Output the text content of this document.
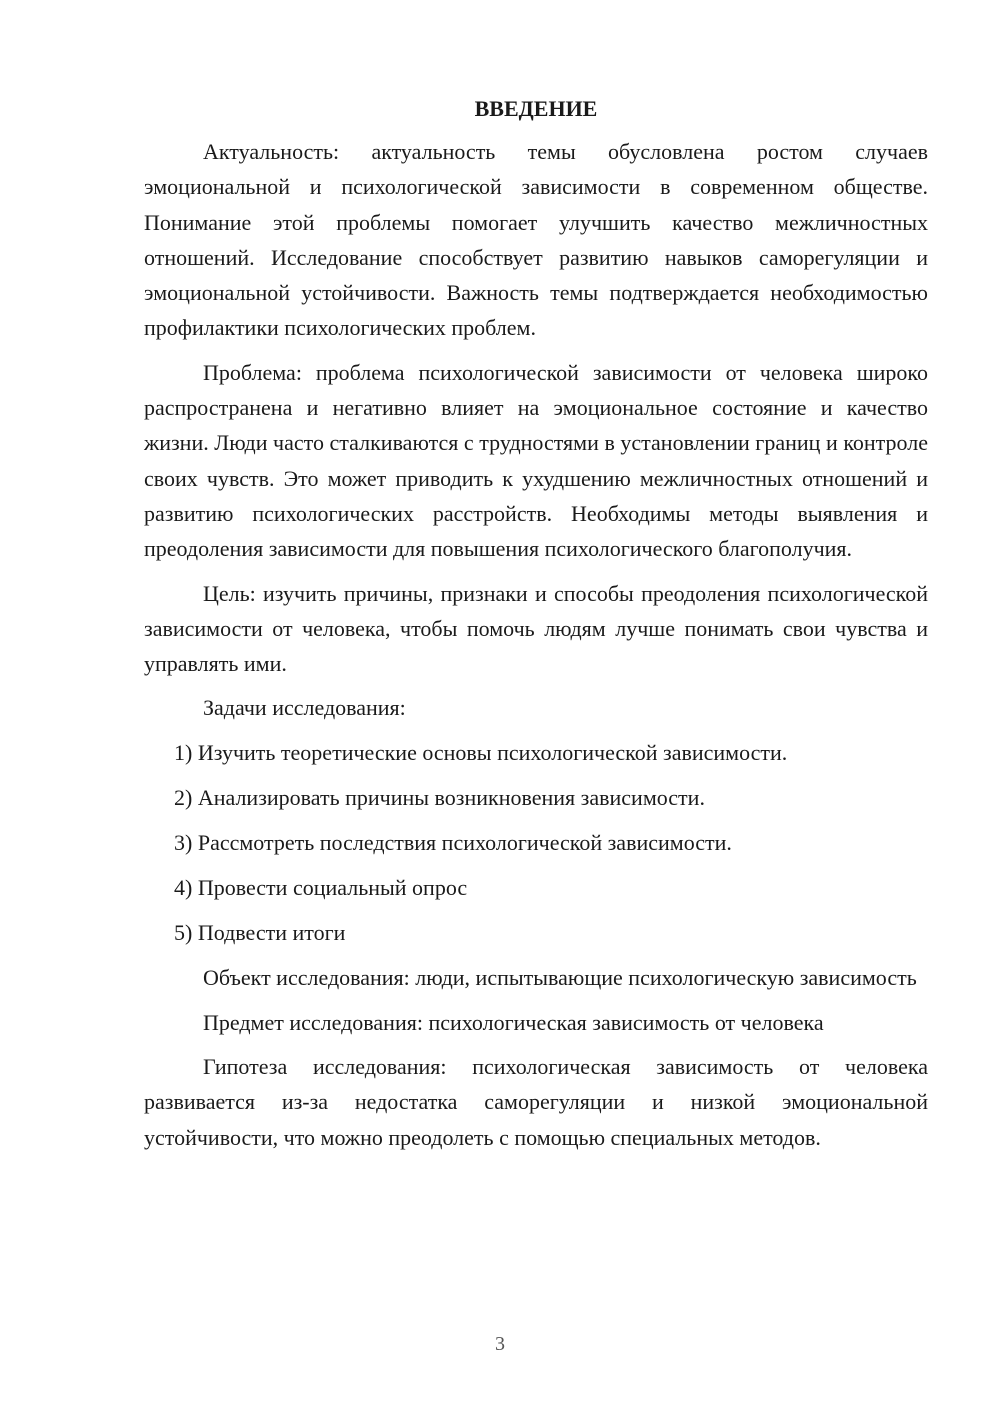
ВВЕДЕНИЕ

Актуальность: актуальность темы обусловлена ростом случаев эмоциональной и психологической зависимости в современном обществе. Понимание этой проблемы помогает улучшить качество межличностных отношений. Исследование способствует развитию навыков саморегуляции и эмоциональной устойчивости. Важность темы подтверждается необходимостью профилактики психологических проблем.

Проблема: проблема психологической зависимости от человека широко распространена и негативно влияет на эмоциональное состояние и качество жизни. Люди часто сталкиваются с трудностями в установлении границ и контроле своих чувств. Это может приводить к ухудшению межличностных отношений и развитию психологических расстройств. Необходимы методы выявления и преодоления зависимости для повышения психологического благополучия.

Цель: изучить причины, признаки и способы преодоления психологической зависимости от человека, чтобы помочь людям лучше понимать свои чувства и управлять ими.

Задачи исследования:
1) Изучить теоретические основы психологической зависимости.
2) Анализировать причины возникновения зависимости.
3) Рассмотреть последствия психологической зависимости.
4) Провести социальный опрос
5) Подвести итоги

Объект исследования: люди, испытывающие психологическую зависимость

Предмет исследования: психологическая зависимость от человека

Гипотеза исследования: психологическая зависимость от человека развивается из-за недостатка саморегуляции и низкой эмоциональной устойчивости, что можно преодолеть с помощью специальных методов.

3
